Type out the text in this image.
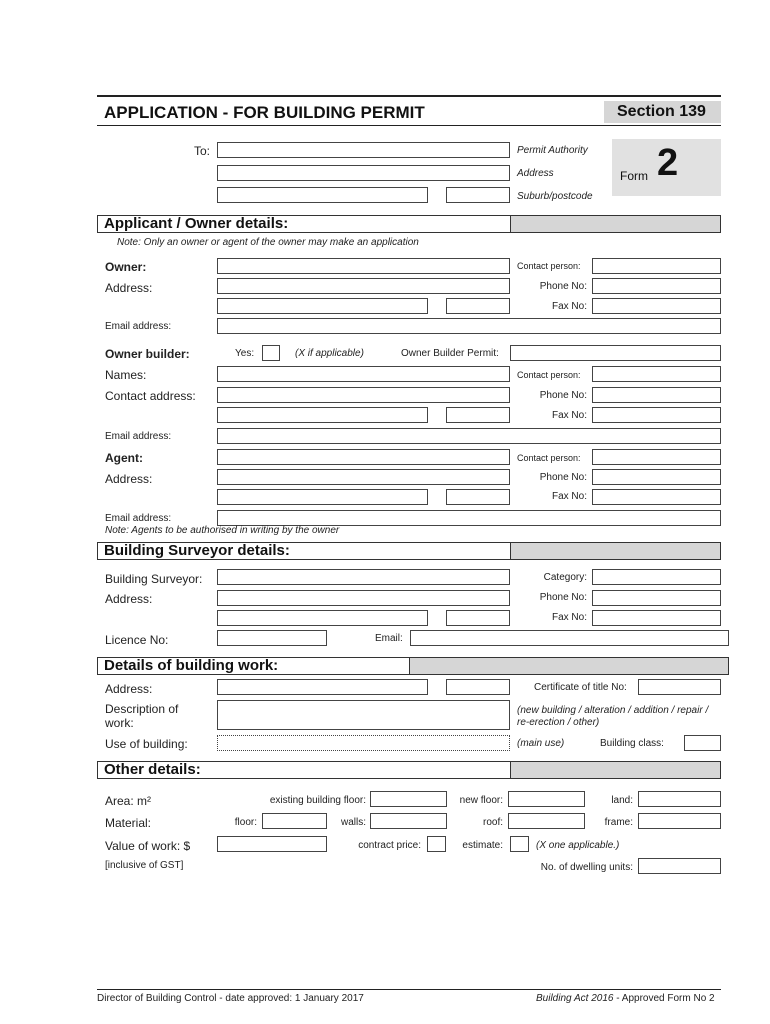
APPLICATION - FOR BUILDING PERMIT	Section 139
Form 2
To:	Permit Authority
Address
Suburb/postcode
Applicant / Owner details:
Note: Only an owner or agent of the owner may make an application
Owner:	Contact person:
Address:	Phone No:
Fax No:
Email address:
Owner builder:	Yes:	(X if applicable)	Owner Builder Permit:
Names:	Contact person:
Contact address:	Phone No:
Fax No:
Email address:
Agent:	Contact person:
Address:	Phone No:
Fax No:
Email address:
Note: Agents to be authorised in writing by the owner
Building Surveyor details:
Building Surveyor:	Category:
Address:	Phone No:
Fax No:
Licence No:	Email:
Details of building work:
Address:	Certificate of title No:
Description of work:
(new building / alteration / addition / repair / re-erection / other)
Use of building:	(main use)	Building class:
Other details:
Area: m²	existing building floor:	new floor:	land:
Material:	floor:	walls:	roof:	frame:
Value of work: $	contract price:	estimate:	(X one applicable.)
[inclusive of GST]	No. of dwelling units:
Director of Building Control - date approved: 1 January 2017	Building Act 2016 - Approved Form No 2
